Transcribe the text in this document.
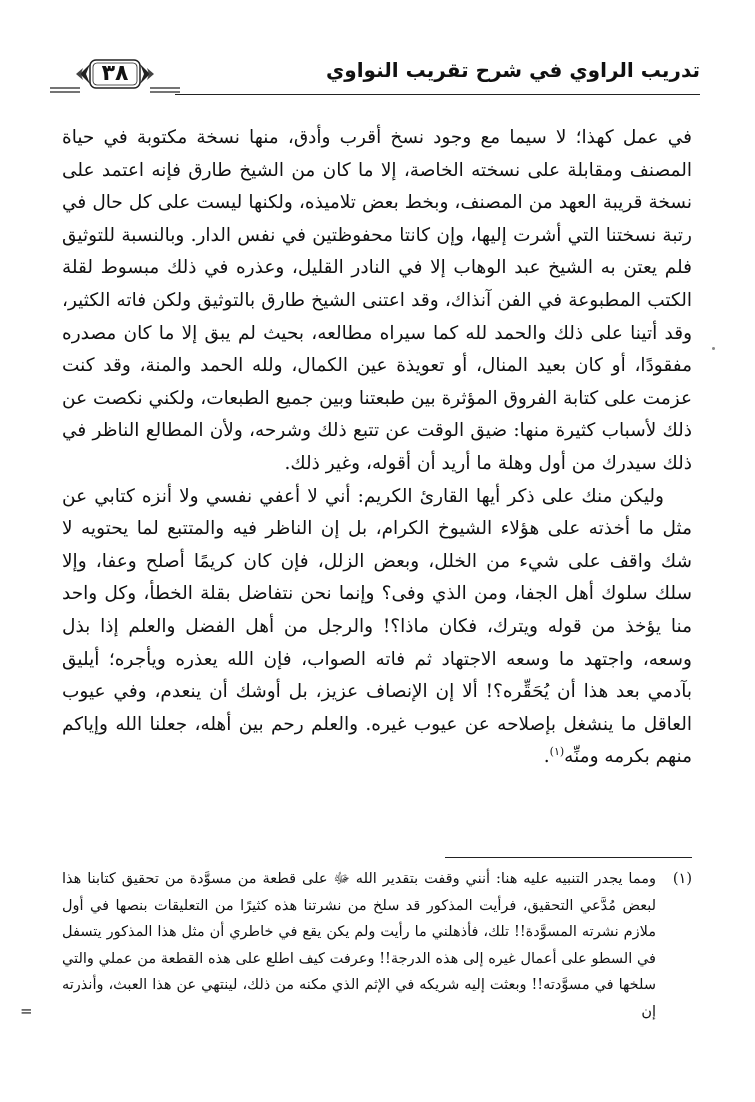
٣٨	تدريب الراوي في شرح تقريب النواوي

في عمل كهذا؛ لا سيما مع وجود نسخ أقرب وأدق، منها نسخة مكتوبة في حياة المصنف ومقابلة على نسخته الخاصة، إلا ما كان من الشيخ طارق فإنه اعتمد على نسخة قريبة العهد من المصنف، وبخط بعض تلاميذه، ولكنها ليست على كل حال في رتبة نسختنا التي أشرت إليها، وإن كانتا محفوظتين في نفس الدار. وبالنسبة للتوثيق فلم يعتن به الشيخ عبد الوهاب إلا في النادر القليل، وعذره في ذلك مبسوط لقلة الكتب المطبوعة في الفن آنذاك، وقد اعتنى الشيخ طارق بالتوثيق ولكن فاته الكثير، وقد أتينا على ذلك والحمد لله كما سيراه مطالعه، بحيث لم يبق إلا ما كان مصدره مفقودًا، أو كان بعيد المنال، أو تعويذة عين الكمال، ولله الحمد والمنة، وقد كنت عزمت على كتابة الفروق المؤثرة بين طبعتنا وبين جميع الطبعات، ولكني نكصت عن ذلك لأسباب كثيرة منها: ضيق الوقت عن تتبع ذلك وشرحه، ولأن المطالع الناظر في ذلك سيدرك من أول وهلة ما أريد أن أقوله، وغير ذلك.

وليكن منك على ذكر أيها القارئ الكريم: أني لا أعفي نفسي ولا أنزه كتابي عن مثل ما أخذته على هؤلاء الشيوخ الكرام، بل إن الناظر فيه والمتتبع لما يحتويه لا شك واقف على شيء من الخلل، وبعض الزلل، فإن كان كريمًا أصلح وعفا، وإلا سلك سلوك أهل الجفا، ومن الذي وفى؟ وإنما نحن نتفاضل بقلة الخطأ، وكل واحد منا يؤخذ من قوله ويترك، فكان ماذا؟! والرجل من أهل الفضل والعلم إذا بذل وسعه، واجتهد ما وسعه الاجتهاد ثم فاته الصواب، فإن الله يعذره ويأجره؛ أيليق بآدمي بعد هذا أن يُحَقِّره؟! ألا إن الإنصاف عزيز، بل أوشك أن ينعدم، وفي عيوب العاقل ما ينشغل بإصلاحه عن عيوب غيره. والعلم رحم بين أهله، جعلنا الله وإياكم منهم بكرمه ومنِّه$^{(١)}$.

(١)

ومما يجدر التنبيه عليه هنا: أنني وقفت بتقدير الله ﷻ على قطعة من مسوَّدة من تحقيق كتابنا هذا لبعض مُدَّعي التحقيق، فرأيت المذكور قد سلخ من نشرتنا هذه كثيرًا من التعليقات بنصها في أول ملازم نشرته المسوَّدة!! تلك، فأذهلني ما رأيت ولم يكن يقع في خاطري أن مثل هذا المذكور يتسفل في السطو على أعمال غيره إلى هذه الدرجة!! وعرفت كيف اطلع على هذه القطعة من عملي والتي سلخها في مسوَّدته!! وبعثت إليه شريكه في الإثم الذي مكنه من ذلك، لينتهي عن هذا العبث، وأنذرته إن

=
